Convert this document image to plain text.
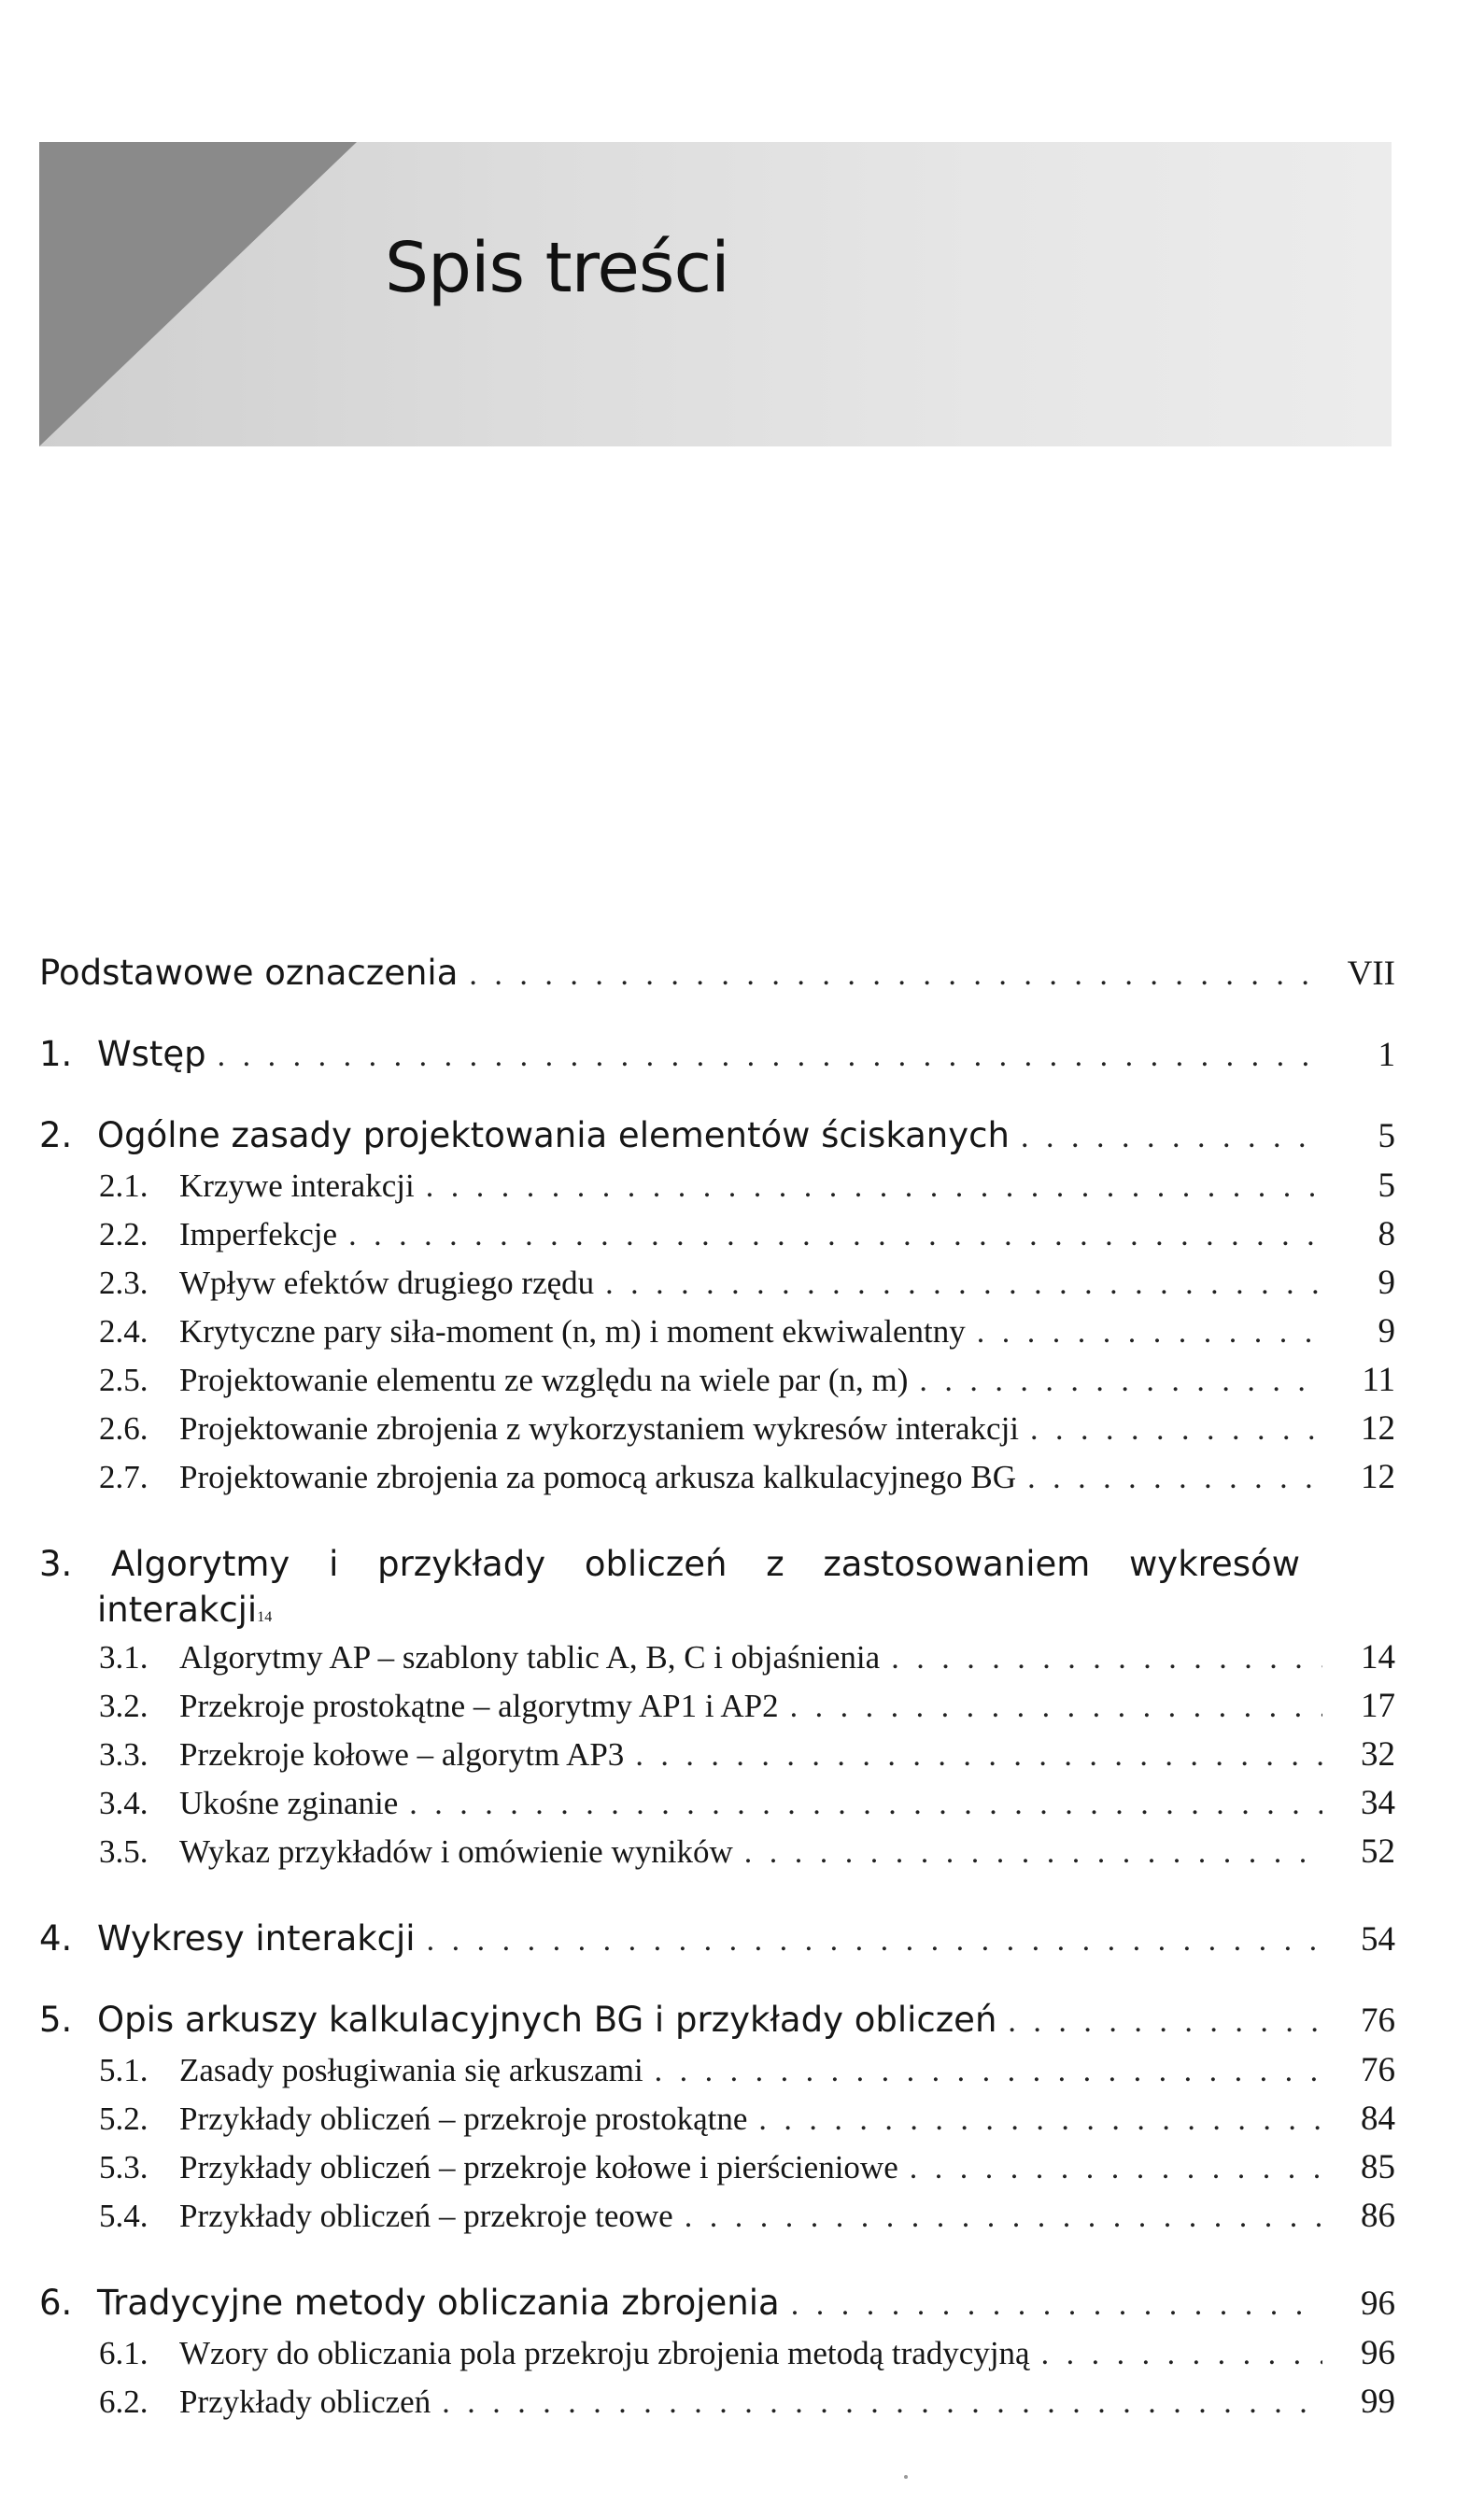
Spis treści
Podstawowe oznaczenia . . .	VII
1. Wstęp . . .	1
2. Ogólne zasady projektowania elementów ściskanych . . .	5
2.1. Krzywe interakcji . . .	5
2.2. Imperfekcje . . .	8
2.3. Wpływ efektów drugiego rzędu . . .	9
2.4. Krytyczne pary siła-moment (n, m) i moment ekwiwalentny . . .	9
2.5. Projektowanie elementu ze względu na wiele par (n, m) . . .	11
2.6. Projektowanie zbrojenia z wykorzystaniem wykresów interakcji . . .	12
2.7. Projektowanie zbrojenia za pomocą arkusza kalkulacyjnego BG . . .	12
3. Algorytmy i przykłady obliczeń z zastosowaniem wykresów
interakcji 14
3.1. Algorytmy AP – szablony tablic A, B, C i objaśnienia . . .	14
3.2. Przekroje prostokątne – algorytmy AP1 i AP2 . . .	17
3.3. Przekroje kołowe – algorytm AP3 . . .	32
3.4. Ukośne zginanie . . .	34
3.5. Wykaz przykładów i omówienie wyników . . .	52
4. Wykresy interakcji . . .	54
5. Opis arkuszy kalkulacyjnych BG i przykłady obliczeń . . .	76
5.1. Zasady posługiwania się arkuszami . . .	76
5.2. Przykłady obliczeń – przekroje prostokątne . . .	84
5.3. Przykłady obliczeń – przekroje kołowe i pierścieniowe . . .	85
5.4. Przykłady obliczeń – przekroje teowe . . .	86
6. Tradycyjne metody obliczania zbrojenia . . .	96
6.1. Wzory do obliczania pola przekroju zbrojenia metodą tradycyjną . . .	96
6.2. Przykłady obliczeń . . .	99
